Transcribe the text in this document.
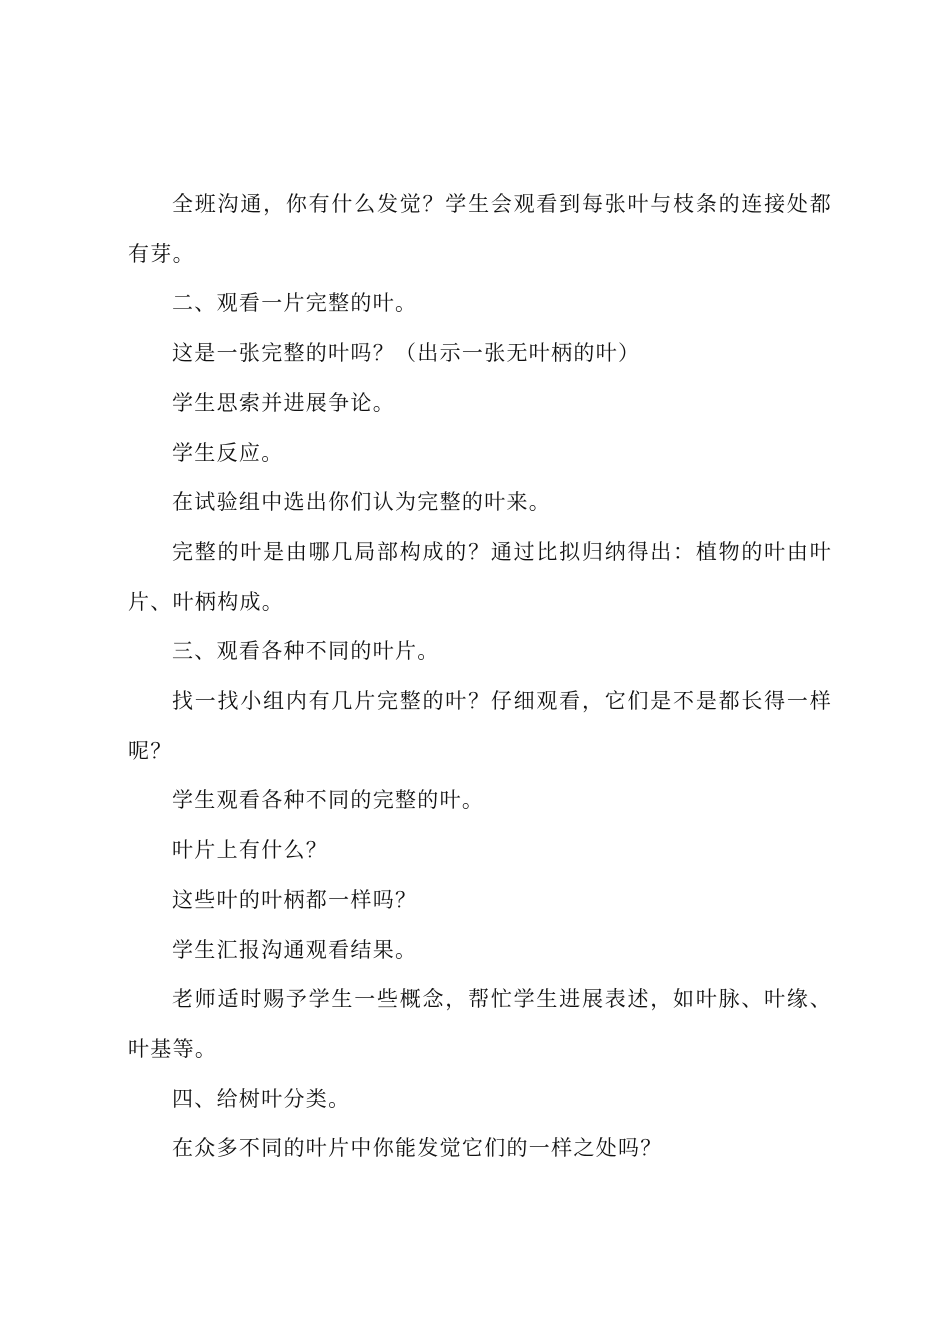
全班沟通，你有什么发觉？学生会观看到每张叶与枝条的连接处都有芽。

二、观看一片完整的叶。

这是一张完整的叶吗？（出示一张无叶柄的叶）

学生思索并进展争论。

学生反应。

在试验组中选出你们认为完整的叶来。

完整的叶是由哪几局部构成的？通过比拟归纳得出：植物的叶由叶片、叶柄构成。

三、观看各种不同的叶片。

找一找小组内有几片完整的叶？仔细观看，它们是不是都长得一样呢？

学生观看各种不同的完整的叶。

叶片上有什么？

这些叶的叶柄都一样吗？

学生汇报沟通观看结果。

老师适时赐予学生一些概念，帮忙学生进展表述，如叶脉、叶缘、叶基等。

四、给树叶分类。

在众多不同的叶片中你能发觉它们的一样之处吗？
